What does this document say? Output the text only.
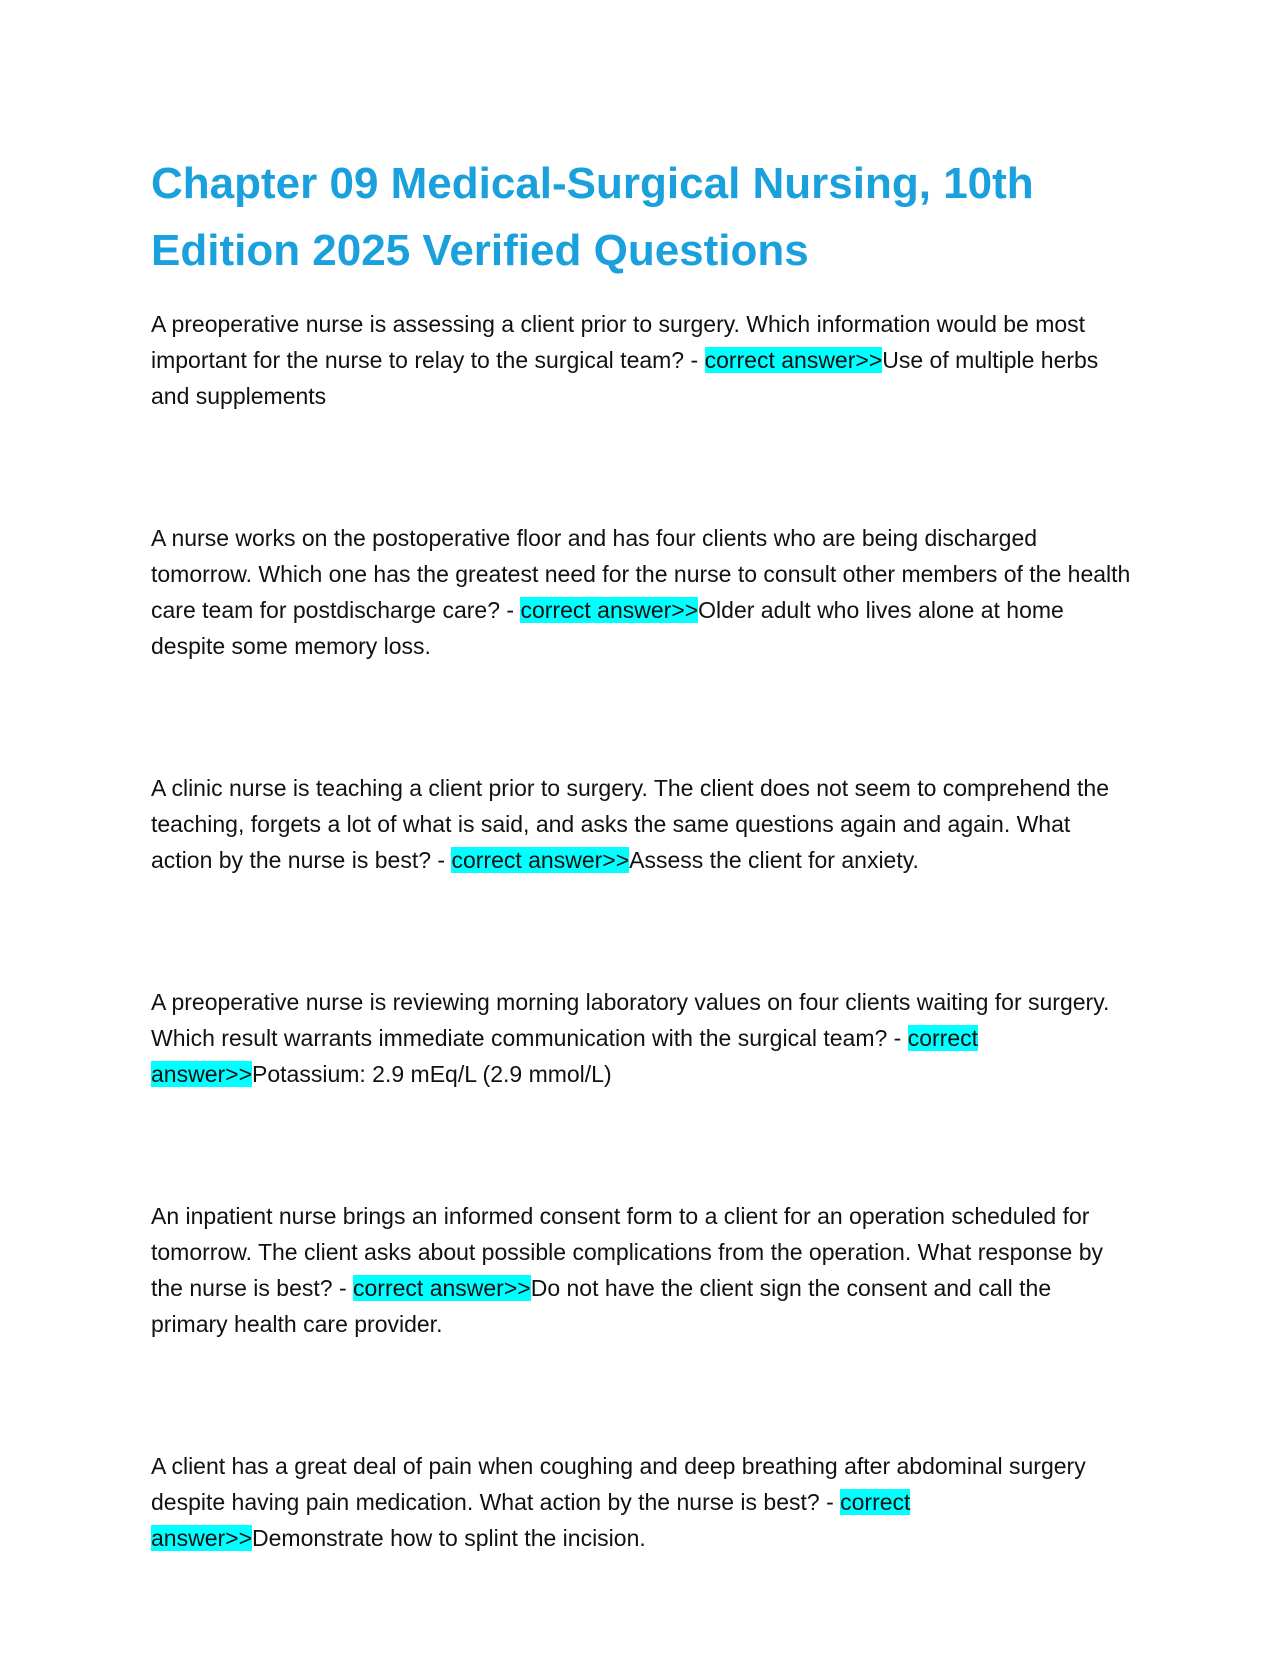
Chapter 09 Medical-Surgical Nursing, 10th Edition 2025 Verified Questions

A preoperative nurse is assessing a client prior to surgery. Which information would be most important for the nurse to relay to the surgical team? - correct answer>>Use of multiple herbs and supplements

A nurse works on the postoperative floor and has four clients who are being discharged tomorrow. Which one has the greatest need for the nurse to consult other members of the health care team for postdischarge care? - correct answer>>Older adult who lives alone at home despite some memory loss.

A clinic nurse is teaching a client prior to surgery. The client does not seem to comprehend the teaching, forgets a lot of what is said, and asks the same questions again and again. What action by the nurse is best? - correct answer>>Assess the client for anxiety.

A preoperative nurse is reviewing morning laboratory values on four clients waiting for surgery. Which result warrants immediate communication with the surgical team? - correct answer>>Potassium: 2.9 mEq/L (2.9 mmol/L)

An inpatient nurse brings an informed consent form to a client for an operation scheduled for tomorrow. The client asks about possible complications from the operation. What response by the nurse is best? - correct answer>>Do not have the client sign the consent and call the primary health care provider.

A client has a great deal of pain when coughing and deep breathing after abdominal surgery despite having pain medication. What action by the nurse is best? - correct answer>>Demonstrate how to splint the incision.
